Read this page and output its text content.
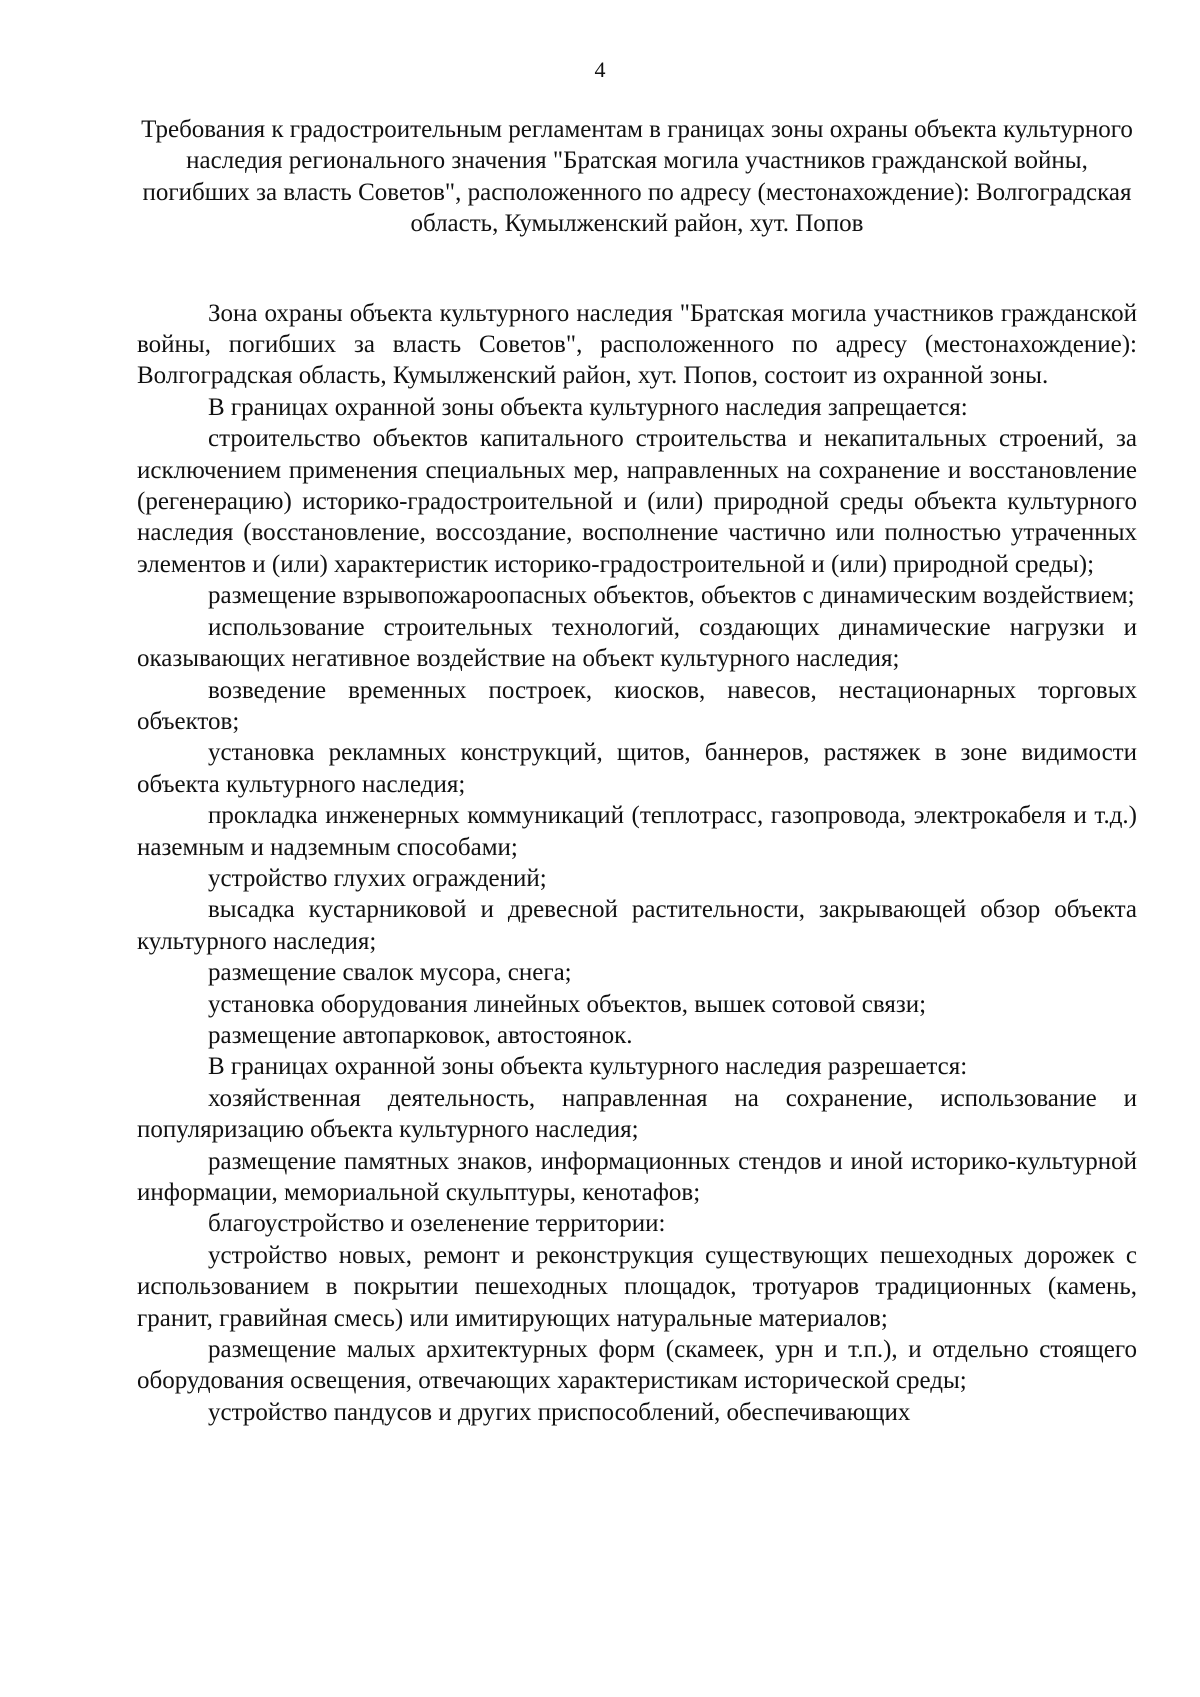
4

Требования к градостроительным регламентам в границах зоны охраны объекта культурного наследия регионального значения "Братская могила участников гражданской войны, погибших за власть Советов", расположенного по адресу (местонахождение): Волгоградская область, Кумылженский район, хут. Попов

Зона охраны объекта культурного наследия "Братская могила участников гражданской войны, погибших за власть Советов", расположенного по адресу (местонахождение): Волгоградская область, Кумылженский район, хут. Попов, состоит из охранной зоны.

В границах охранной зоны объекта культурного наследия запрещается:

строительство объектов капитального строительства и некапитальных строений, за исключением применения специальных мер, направленных на сохранение и восстановление (регенерацию) историко-градостроительной и (или) природной среды объекта культурного наследия (восстановление, воссоздание, восполнение частично или полностью утраченных элементов и (или) характеристик историко-градостроительной и (или) природной среды);

размещение взрывопожароопасных объектов, объектов с динамическим воздействием;

использование строительных технологий, создающих динамические нагрузки и оказывающих негативное воздействие на объект культурного наследия;

возведение временных построек, киосков, навесов, нестационарных торговых объектов;

установка рекламных конструкций, щитов, баннеров, растяжек в зоне видимости объекта культурного наследия;

прокладка инженерных коммуникаций (теплотрасс, газопровода, электрокабеля и т.д.) наземным и надземным способами;

устройство глухих ограждений;

высадка кустарниковой и древесной растительности, закрывающей обзор объекта культурного наследия;

размещение свалок мусора, снега;

установка оборудования линейных объектов, вышек сотовой связи;

размещение автопарковок, автостоянок.

В границах охранной зоны объекта культурного наследия разрешается:

хозяйственная деятельность, направленная на сохранение, использование и популяризацию объекта культурного наследия;

размещение памятных знаков, информационных стендов и иной историко-культурной информации, мемориальной скульптуры, кенотафов;

благоустройство и озеленение территории:

устройство новых, ремонт и реконструкция существующих пешеходных дорожек с использованием в покрытии пешеходных площадок, тротуаров традиционных (камень, гранит, гравийная смесь) или имитирующих натуральные материалов;

размещение малых архитектурных форм (скамеек, урн и т.п.), и отдельно стоящего оборудования освещения, отвечающих характеристикам исторической среды;

устройство пандусов и других приспособлений, обеспечивающих
